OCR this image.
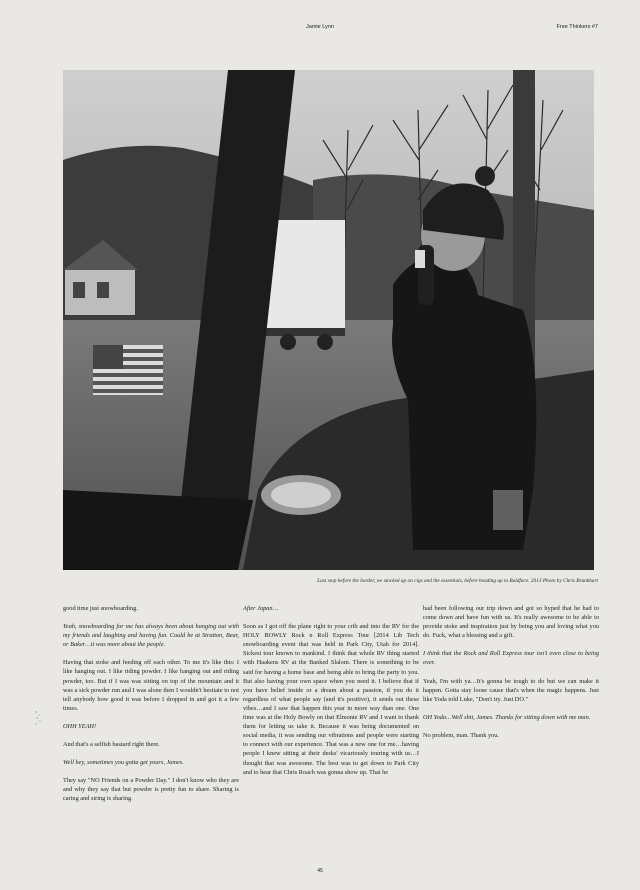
Jamie Lynn	Free Thinkers #7
Last stop before the border, we stocked up on cigs and the essentials, before heading up to Baldface. 2013 Photo by Chris Brunkhart

good time just snowboarding.

Yeah, snowboarding for me has always been about hanging out with my friends and laughing and having fun. Could be at Stratton, Bear, or Baker…it was more about the people.

Having that stoke and feeding off each other. To me it's like this: I like hanging out. I like riding powder. I like hanging out and riding powder, too. But if I was was sitting on top of the mountain and it was a sick powder run and I was alone then I wouldn't hesitate to not tell anybody how good it was before I dropped in and got it a few times.

OHH YEAH!

And that's a selfish bastard right there.

Well hey, sometimes you gotta get yours, James.

They say "NO Friends on a Powder Day." I don't know who they are and why they say that but powder is pretty fun to share. Sharing is caring and siring is sharing.

After Japan…

Soon as I got off the plane right to your crib and into the RV for the HOLY BOWLY Rock n Roll Express Tour [2014 Lib Tech snowboarding event that was held in Park City, Utah for 2014]. Sickest tour known to mankind. I think that whole RV thing started with Haakens RV at the Banked Slalom. There is something to be said for having a home base and being able to bring the party to you. But also having your own space when you need it. I believe that if you have belief inside or a dream about a passion, if you do it regardless of what people say (and it's positive), it sends out these vibes…and I saw that happen this year in more way than one. One time was at the Holy Bowly on that Elmonte RV and I want to thank them for letting us take it. Because it was being documented on social media, it was sending our vibrations and people were starting to connect with our experience. That was a new one for me…having people I knew sitting at their desks' vicariously touring with us…I thought that was awesome. The best was to get down to Park City and to hear that Chris Roach was gonna show up. That he

had been following our trip down and got so hyped that he had to come down and have fun with us. It's really awesome to be able to provide stoke and inspiration just by being you and loving what you do. Fuck, what a blessing and a gift.

I think that the Rock and Roll Express tour isn't even close to being over.

Yeah, I'm with ya…It's gonna be tough to do but we can make it happen. Gotta stay loose cause that's when the magic happens. Just like Yoda told Luke, "Don't try. Just DO."

OH Yoda…Well shit, James. Thanks for sitting down with me man.

No problem, man. Thank you.

45
